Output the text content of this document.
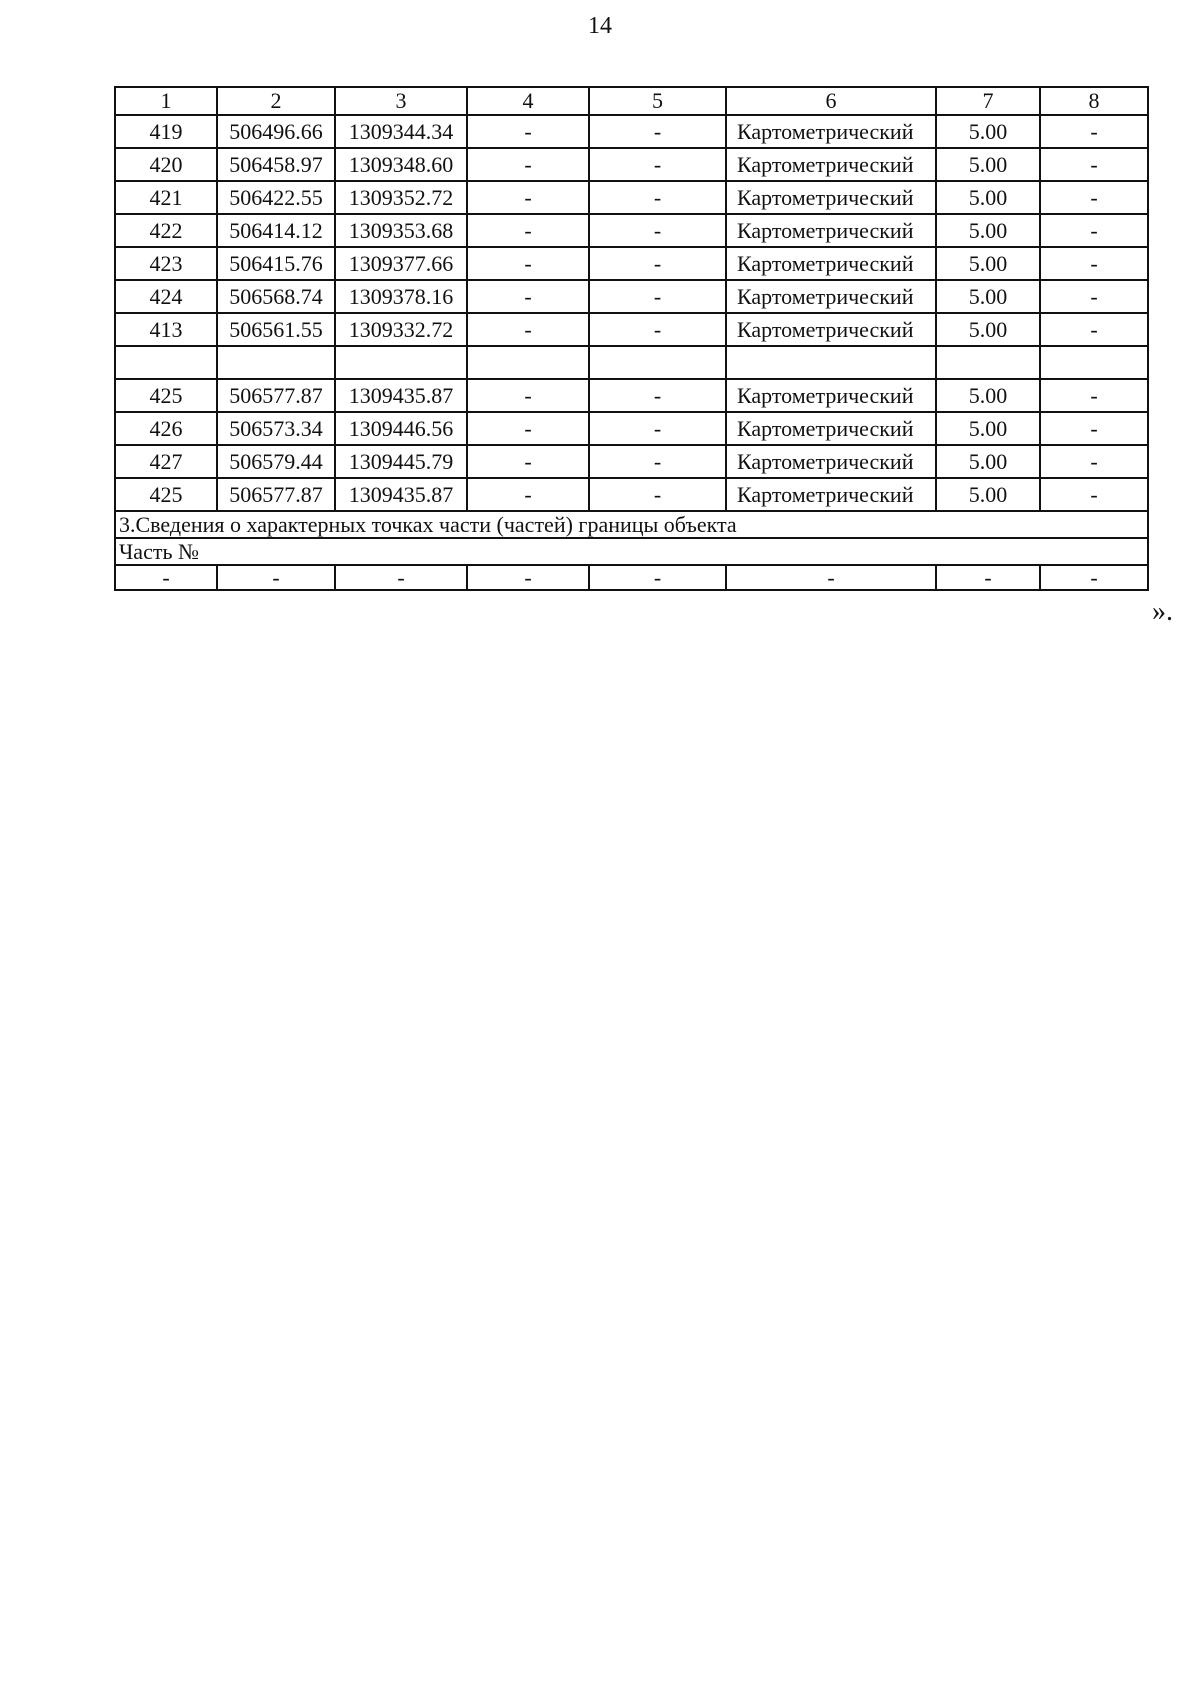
14
1	2	3	4	5	6	7	8
419	506496.66	1309344.34	-	-	Картометрический	5.00	-
420	506458.97	1309348.60	-	-	Картометрический	5.00	-
421	506422.55	1309352.72	-	-	Картометрический	5.00	-
422	506414.12	1309353.68	-	-	Картометрический	5.00	-
423	506415.76	1309377.66	-	-	Картометрический	5.00	-
424	506568.74	1309378.16	-	-	Картометрический	5.00	-
413	506561.55	1309332.72	-	-	Картометрический	5.00	-

425	506577.87	1309435.87	-	-	Картометрический	5.00	-
426	506573.34	1309446.56	-	-	Картометрический	5.00	-
427	506579.44	1309445.79	-	-	Картометрический	5.00	-
425	506577.87	1309435.87	-	-	Картометрический	5.00	-
3.Сведения о характерных точках части (частей) границы объекта							
Часть №							
-	-	-	-	-	-	-	-
».
